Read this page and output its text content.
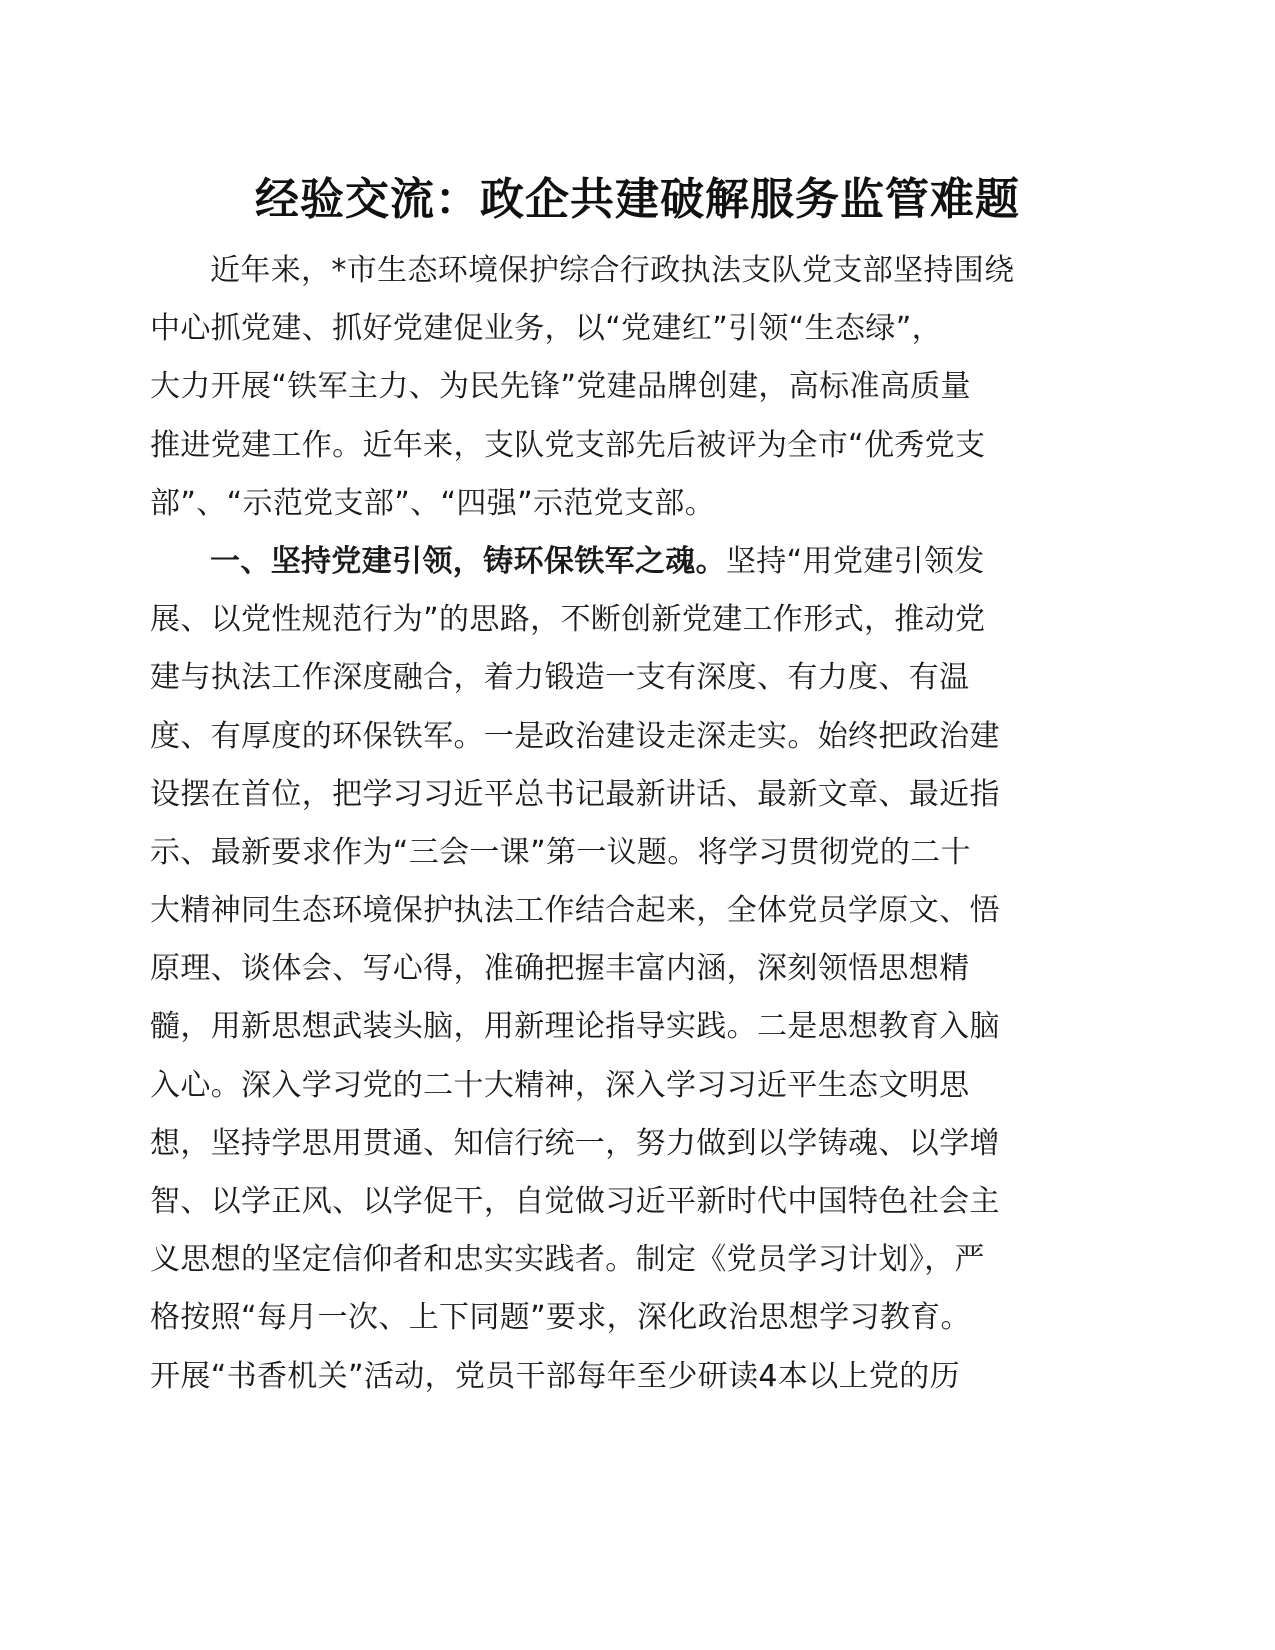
经验交流：政企共建破解服务监管难题
近年来，*市生态环境保护综合行政执法支队党支部坚持围绕
中心抓党建、抓好党建促业务，以“党建红”引领“生态绿”，
大力开展“铁军主力、为民先锋”党建品牌创建，高标准高质量
推进党建工作。近年来，支队党支部先后被评为全市“优秀党支
部”、“示范党支部”、“四强”示范党支部。
一、坚持党建引领，铸环保铁军之魂。坚持“用党建引领发
展、以党性规范行为”的思路，不断创新党建工作形式，推动党
建与执法工作深度融合，着力锻造一支有深度、有力度、有温
度、有厚度的环保铁军。一是政治建设走深走实。始终把政治建
设摆在首位，把学习习近平总书记最新讲话、最新文章、最近指
示、最新要求作为“三会一课”第一议题。将学习贯彻党的二十
大精神同生态环境保护执法工作结合起来，全体党员学原文、悟
原理、谈体会、写心得，准确把握丰富内涵，深刻领悟思想精
髓，用新思想武装头脑，用新理论指导实践。二是思想教育入脑
入心。深入学习党的二十大精神，深入学习习近平生态文明思
想，坚持学思用贯通、知信行统一，努力做到以学铸魂、以学增
智、以学正风、以学促干，自觉做习近平新时代中国特色社会主
义思想的坚定信仰者和忠实实践者。制定《党员学习计划》，严
格按照“每月一次、上下同题”要求，深化政治思想学习教育。
开展“书香机关”活动，党员干部每年至少研读4本以上党的历
